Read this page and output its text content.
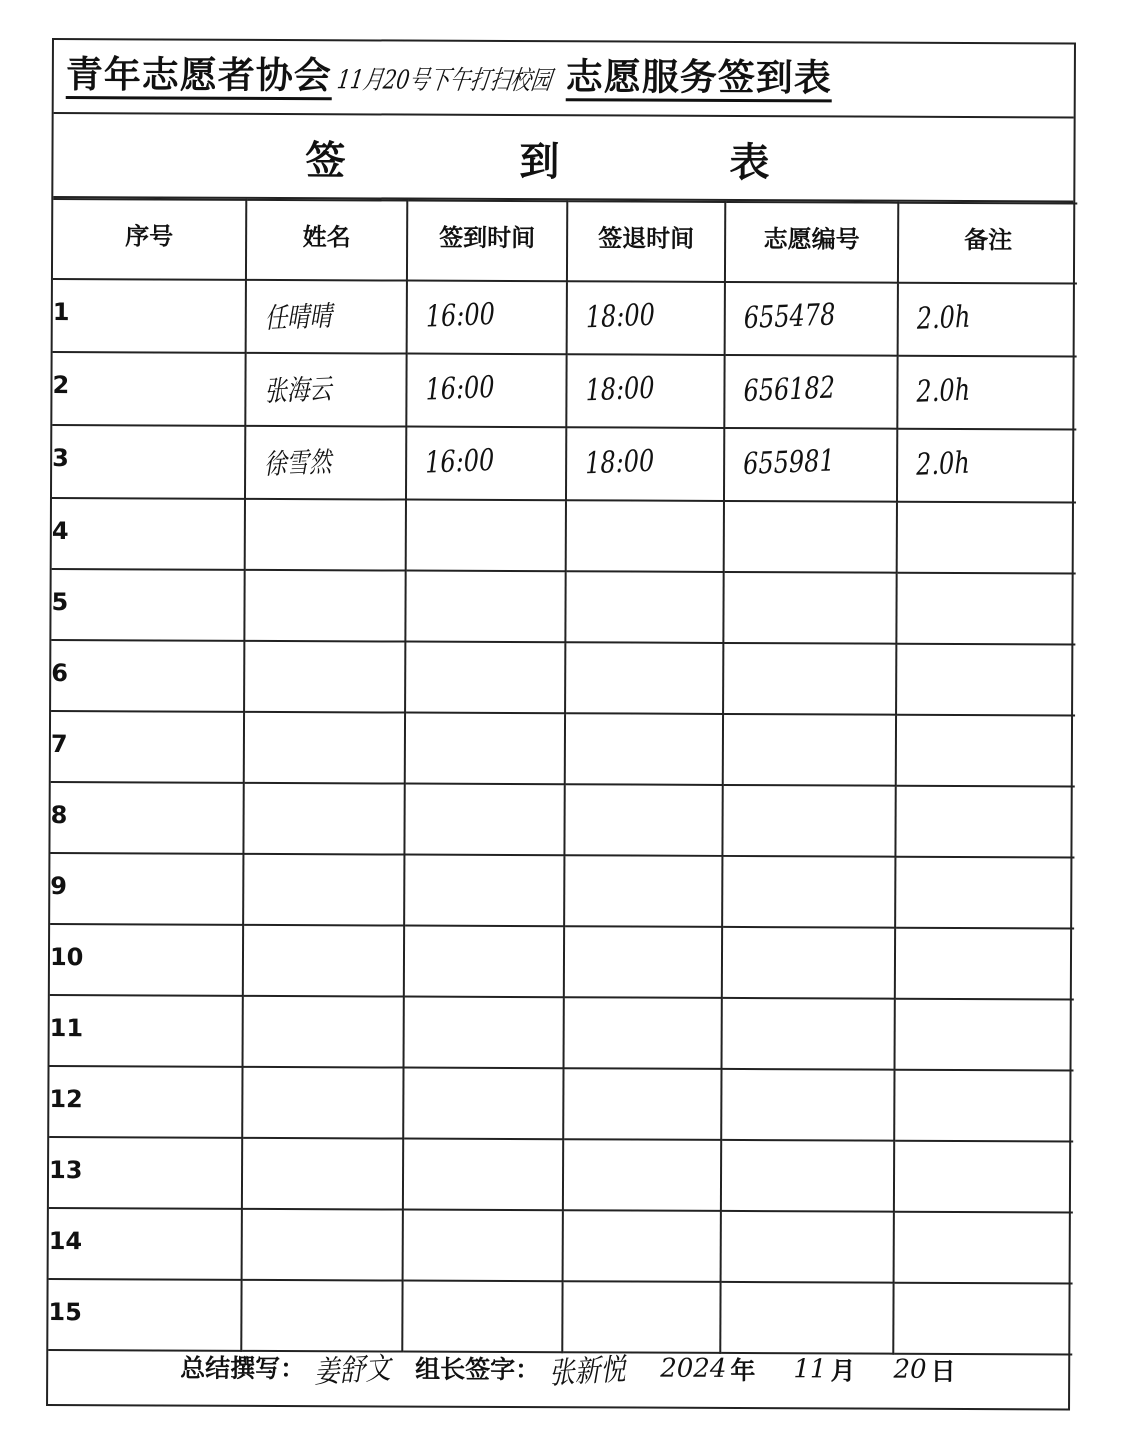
青年志愿者协会 11月20号下午打扫校园 志愿服务签到表
签	到	表
序号	姓名	签到时间	签退时间	志愿编号	备注
1	任晴晴	16:00	18:00	655478	2.0h
2	张海云	16:00	18:00	656182	2.0h
3	徐雪然	16:00	18:00	655981	2.0h
4					
5					
6					
7					
8					
9					
10					
11					
12					
13					
14					
15					
总结撰写： 姜舒文 组长签字： 张新悦 2024 年 11 月 20 日
